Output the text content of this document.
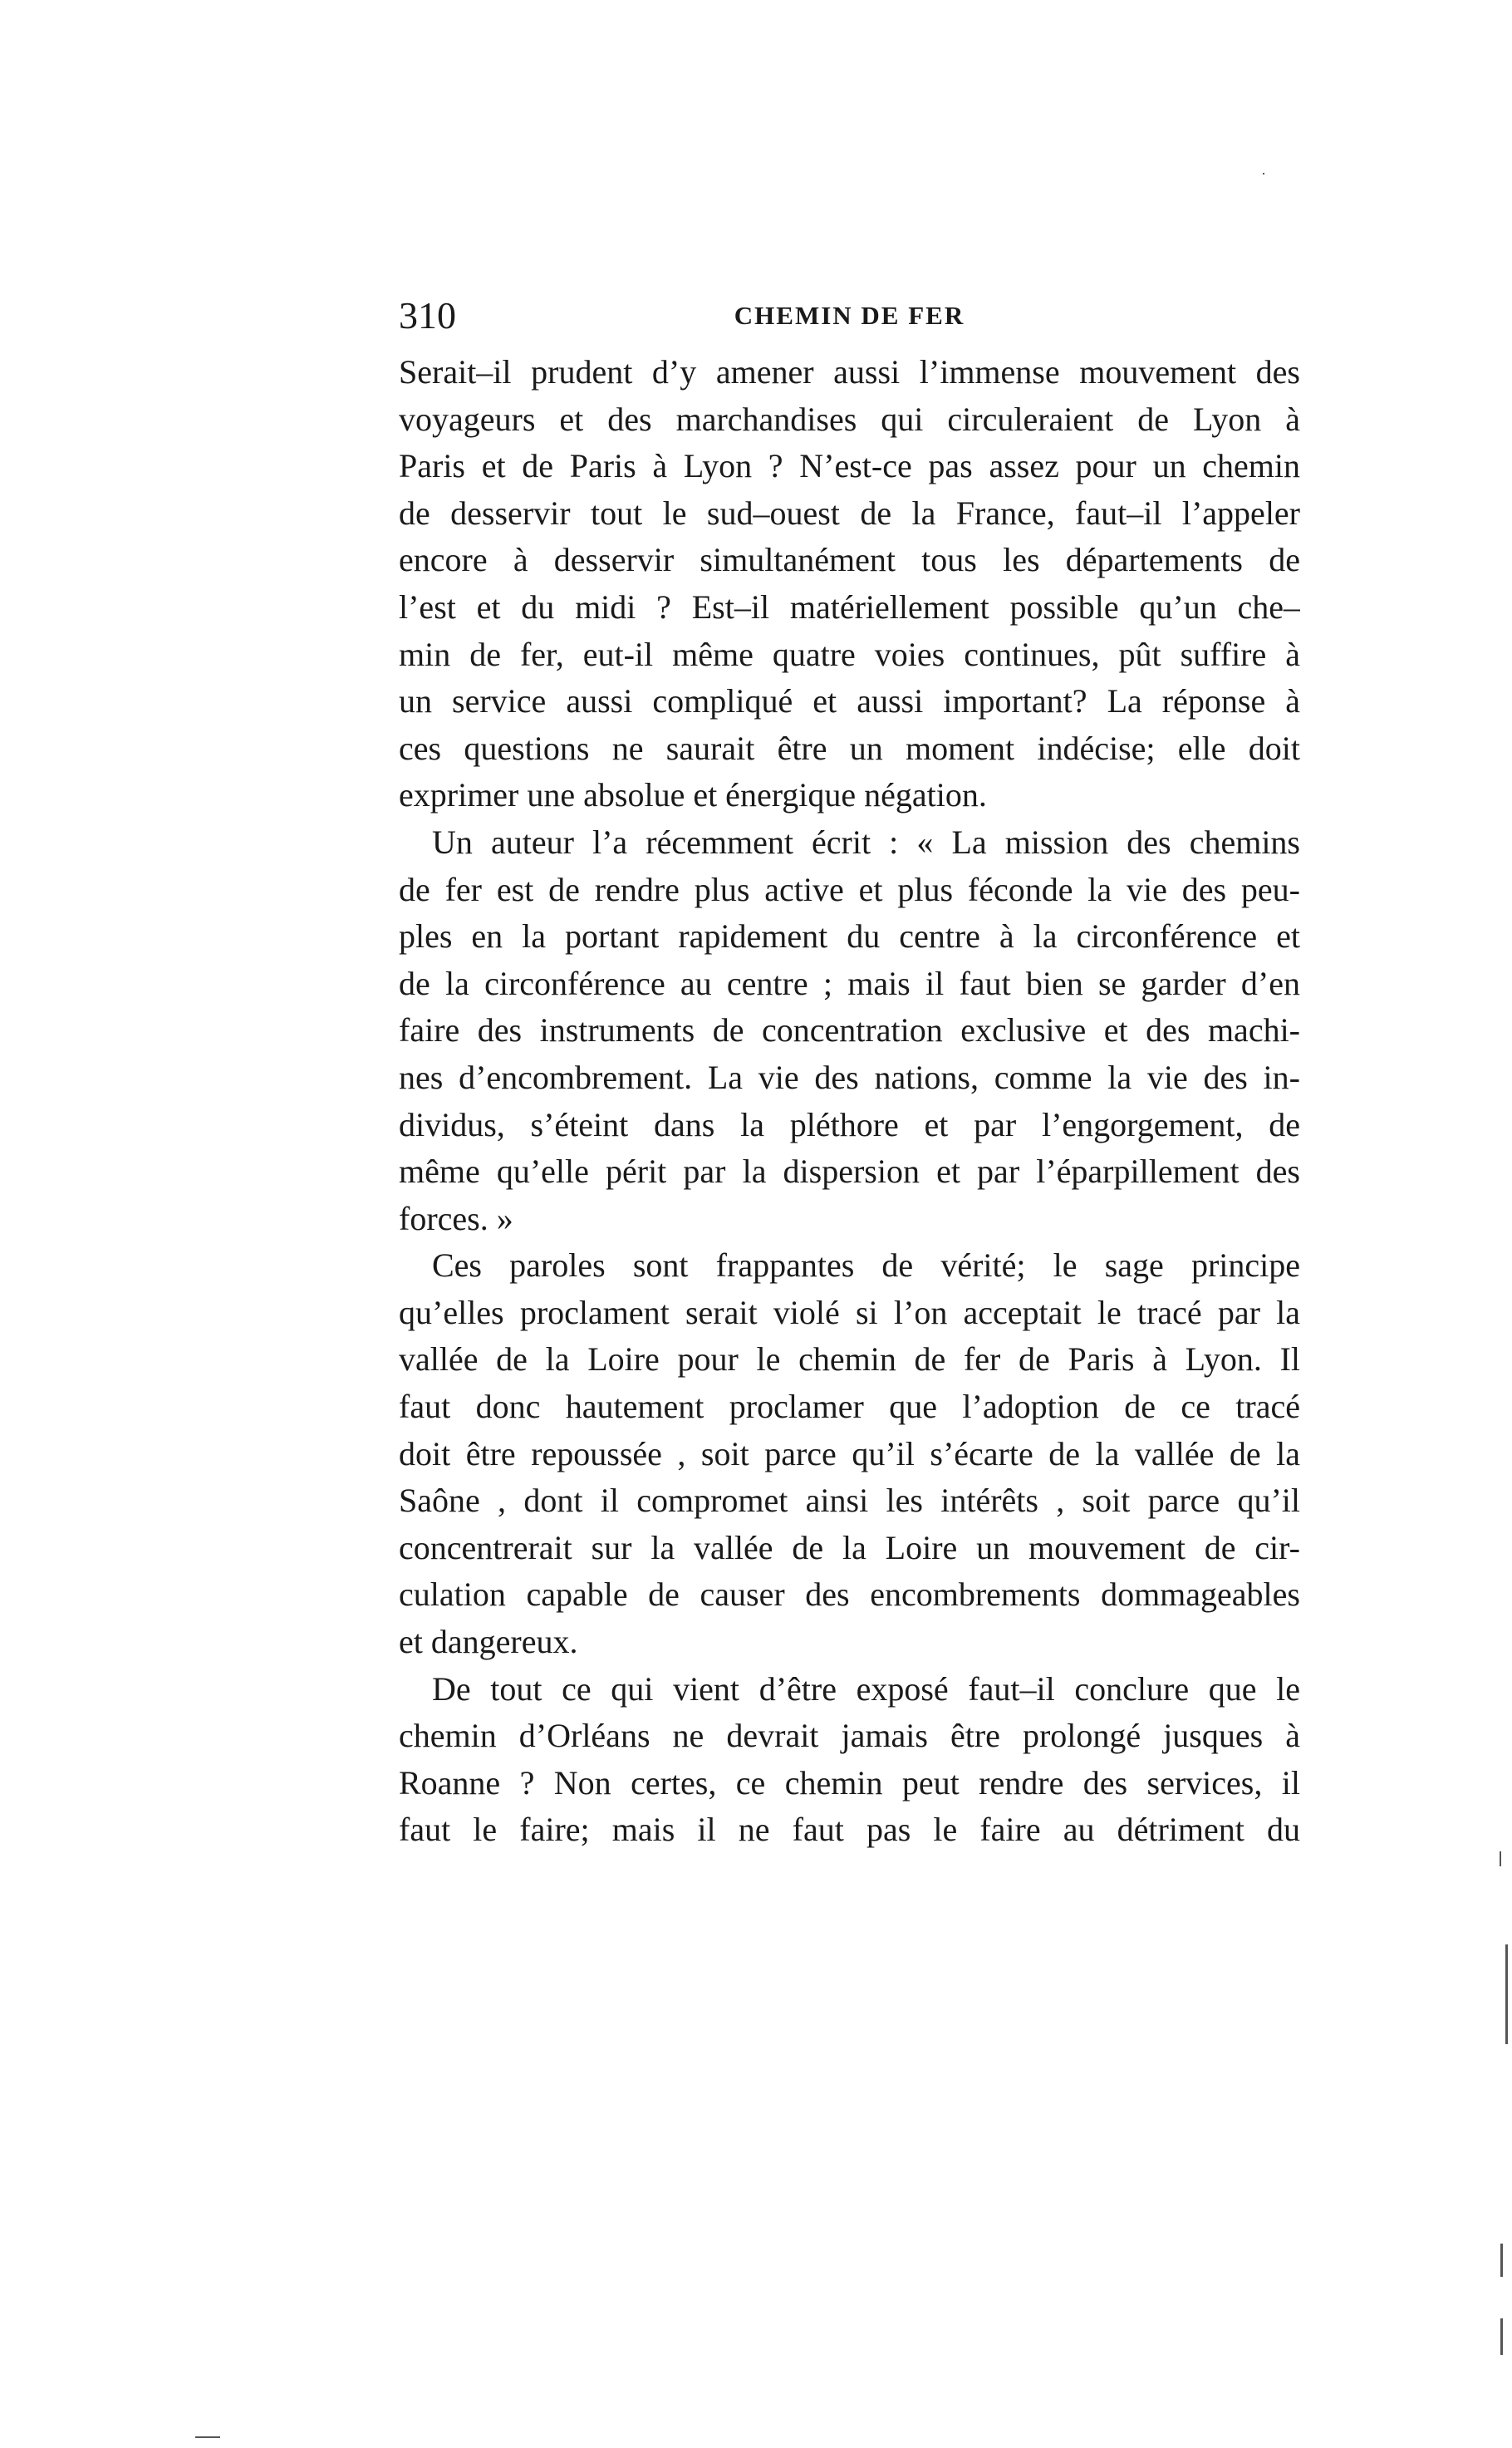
310	CHEMIN DE FER
Serait–il prudent d’y amener aussi l’immense mouvement des
voyageurs et des marchandises qui circuleraient de Lyon à
Paris et de Paris à Lyon ? N’est-ce pas assez pour un chemin
de desservir tout le sud–ouest de la France, faut–il l’appeler
encore à desservir simultanément tous les départements de
l’est et du midi ? Est–il matériellement possible qu’un che–
min de fer, eut-il même quatre voies continues, pût suffire à
un service aussi compliqué et aussi important? La réponse à
ces questions ne saurait être un moment indécise; elle doit
exprimer une absolue et énergique négation.
Un auteur l’a récemment écrit : « La mission des chemins
de fer est de rendre plus active et plus féconde la vie des peu-
ples en la portant rapidement du centre à la circonférence et
de la circonférence au centre ; mais il faut bien se garder d’en
faire des instruments de concentration exclusive et des machi-
nes d’encombrement. La vie des nations, comme la vie des in-
dividus, s’éteint dans la pléthore et par l’engorgement, de
même qu’elle périt par la dispersion et par l’éparpillement des
forces. »
Ces paroles sont frappantes de vérité; le sage principe
qu’elles proclament serait violé si l’on acceptait le tracé par la
vallée de la Loire pour le chemin de fer de Paris à Lyon. Il
faut donc hautement proclamer que l’adoption de ce tracé
doit être repoussée , soit parce qu’il s’écarte de la vallée de la
Saône , dont il compromet ainsi les intérêts , soit parce qu’il
concentrerait sur la vallée de la Loire un mouvement de cir-
culation capable de causer des encombrements dommageables
et dangereux.
De tout ce qui vient d’être exposé faut–il conclure que le
chemin d’Orléans ne devrait jamais être prolongé jusques à
Roanne ? Non certes, ce chemin peut rendre des services, il
faut le faire; mais il ne faut pas le faire au détriment du
